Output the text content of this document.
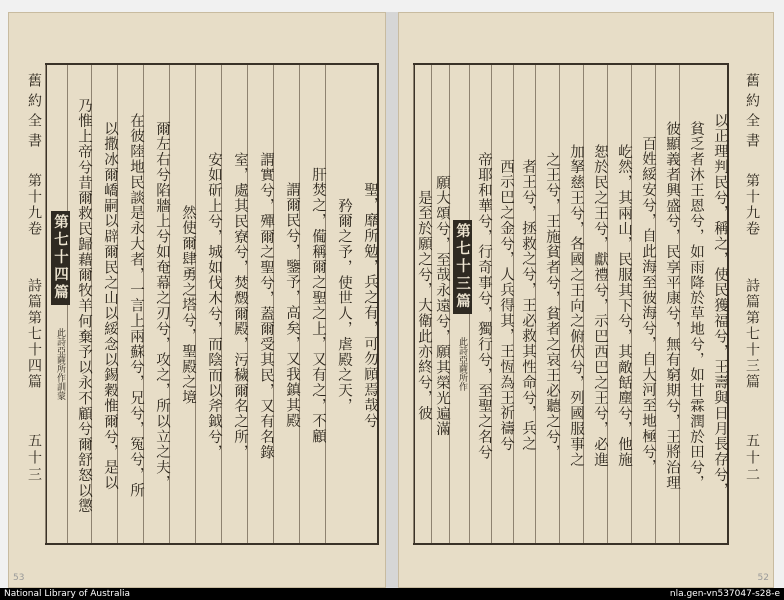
舊約全書
第十九卷
詩篇第七十四篇
五十三
聖，靡所勉，兵之有，可勿頋焉哉兮
矜爾之予，使世人，虐殿之天，
肝焚之，僃稱爾之聖之上，又有之，不顧
謂爾民兮，鑒予，高矣，又我鎮其殿
謂實兮，殫爾之聖兮，蓋爾受其民，又有名錄
室，處其民寮兮，焚燬爾殿，污穢爾名之所，
安如斫上兮，城如伐木兮，而陰而以斧鉞兮，
然使爾肆勇之塔兮，聖殿之境
爾左右兮陷牆上兮如奄幕之刃兮，攻之，所以立之夫，
在彼陸地民談是永大者，一言上兩蘇兮，兄兮，冤兮，所
以撒冰爾嶠嗣以辟爾民之山以綏念以錫穀惟爾兮，是以
乃惟上帝兮昔爾救民歸藉爾牧羊何棄予以永不顧兮爾舒怒以懲
第七十四篇 此詩亞薩所作訓蒙
53
以正理判民兮，稱之，使民獲福兮，王壽與日月長存兮，
貧乏者沐王恩兮，如雨降於草地兮，如甘霖潤於田兮，
彼顯義者興盛兮，民享平康兮，無有窮期兮，王將治理
百姓綏安兮，自此海至彼海兮，自大河至地極兮，
屹然，其兩山，民服其下兮，其敵餂塵兮，他施
恕於民之王兮，獻禮兮，示巴西巴之王兮，必進
加拏慈王兮，各國之王向之俯伏兮，列國服事之
之王兮，王施貧者兮，貧者之哀王必聽之兮，
者王兮，拯救之兮，王必救其性命兮，兵之
西示巴之金兮，人兵得其，王恆為王祈禱兮
帝耶和華兮，行奇事兮，獨行兮，至聖之名兮
第七十三篇 此詩亞薩所作
願大頌兮，至哉永遠兮，願其榮光遍滿
是至於願之兮，大衛此亦終兮，彼
舊約全書
第十九卷
詩篇第七十三篇
五十二
52
National Library of Australia	nla.gen-vn537047-s28-e
